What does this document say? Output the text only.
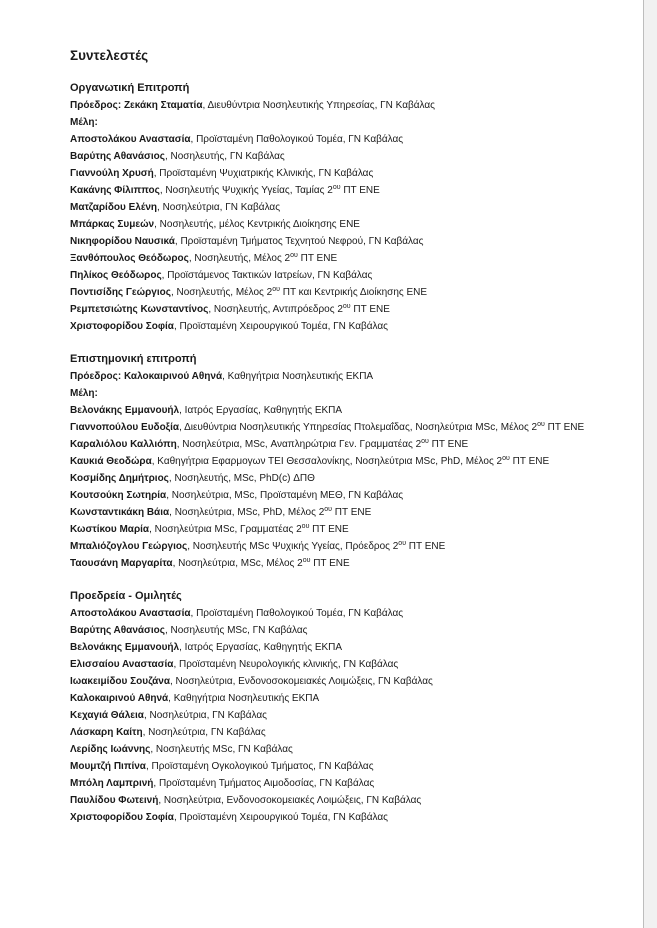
Συντελεστές
Οργανωτική Επιτροπή
Πρόεδρος: Ζεκάκη Σταματία, Διευθύντρια Νοσηλευτικής Υπηρεσίας, ΓΝ Καβάλας
Μέλη:
Αποστολάκου Αναστασία, Προϊσταμένη Παθολογικού Τομέα, ΓΝ Καβάλας
Βαρύτης Αθανάσιος, Νοσηλευτής, ΓΝ Καβάλας
Γιαννούλη Χρυσή, Προϊσταμένη Ψυχιατρικής Κλινικής, ΓΝ Καβάλας
Κακάνης Φίλιππος, Νοσηλευτής Ψυχικής Υγείας, Ταμίας $2^{o\upsilon}$ ΠΤ ΕΝΕ
Ματζαρίδου Ελένη, Νοσηλεύτρια, ΓΝ Καβάλας
Μπάρκας Συμεών, Νοσηλευτής, μέλος Κεντρικής Διοίκησης ΕΝΕ
Νικηφορίδου Ναυσικά, Προϊσταμένη Τμήματος Τεχνητού Νεφρού, ΓΝ Καβάλας
Ξανθόπουλος Θεόδωρος, Νοσηλευτής, Μέλος $2^{o\upsilon}$ ΠΤ ΕΝΕ
Πηλίκος Θεόδωρος, Προϊστάμενος Τακτικών Ιατρείων, ΓΝ Καβάλας
Ποντισίδης Γεώργιος, Νοσηλευτής, Μέλος $2^{o\upsilon}$ ΠΤ και Κεντρικής Διοίκησης ΕΝΕ
Ρεμπετσιώτης Κωνσταντίνος, Νοσηλευτής, Αντιπρόεδρος $2^{o\upsilon}$ ΠΤ ΕΝΕ
Χριστοφορίδου Σοφία, Προϊσταμένη Χειρουργικού Τομέα, ΓΝ Καβάλας
Επιστημονική επιτροπή
Πρόεδρος: Καλοκαιρινού Αθηνά, Καθηγήτρια Νοσηλευτικής ΕΚΠΑ
Μέλη:
Βελονάκης Εμμανουήλ, Ιατρός Εργασίας, Καθηγητής ΕΚΠΑ
Γιαννοπούλου Ευδοξία, Διευθύντρια Νοσηλευτικής Υπηρεσίας Πτολεμαΐδας, Νοσηλεύτρια MSc, Μέλος $2^{o\upsilon}$ ΠΤ ΕΝΕ
Καραλιόλου Καλλιόπη, Νοσηλεύτρια, MSc, Αναπληρώτρια Γεν. Γραμματέας $2^{o\upsilon}$ ΠΤ ΕΝΕ
Καυκιά Θεοδώρα, Καθηγήτρια Εφαρμογων ΤΕΙ Θεσσαλονίκης, Νοσηλεύτρια MSc, PhD, Μέλος $2^{o\upsilon}$ ΠΤ ΕΝΕ
Κοσμίδης Δημήτριος, Νοσηλευτής, MSc, PhD(c) ΔΠΘ
Κουτσούκη Σωτηρία, Νοσηλεύτρια, MSc, Προϊσταμένη ΜΕΘ, ΓΝ Καβάλας
Κωνσταντικάκη Βάια, Νοσηλεύτρια, MSc, PhD, Μέλος $2^{o\upsilon}$ ΠΤ ΕΝΕ
Κωστίκου Μαρία, Νοσηλεύτρια MSc, Γραμματέας $2^{o\upsilon}$ ΠΤ ΕΝΕ
Μπαλιόζογλου Γεώργιος, Νοσηλευτής MSc Ψυχικής Υγείας, Πρόεδρος $2^{o\upsilon}$ ΠΤ ΕΝΕ
Ταουσάνη Μαργαρίτα, Νοσηλεύτρια, MSc, Μέλος $2^{o\upsilon}$ ΠΤ ΕΝΕ
Προεδρεία - Ομιλητές
Αποστολάκου Αναστασία, Προϊσταμένη Παθολογικού Τομέα, ΓΝ Καβάλας
Βαρύτης Αθανάσιος, Νοσηλευτής MSc, ΓΝ Καβάλας
Βελονάκης Εμμανουήλ, Ιατρός Εργασίας, Καθηγητής ΕΚΠΑ
Ελισσαίου Αναστασία, Προϊσταμένη Νευρολογικής κλινικής, ΓΝ Καβάλας
Ιωακειμίδου Σουζάνα, Νοσηλεύτρια, Ενδονοσοκομειακές Λοιμώξεις, ΓΝ Καβάλας
Καλοκαιρινού Αθηνά, Καθηγήτρια Νοσηλευτικής ΕΚΠΑ
Κεχαγιά Θάλεια, Νοσηλεύτρια, ΓΝ Καβάλας
Λάσκαρη Καίτη, Νοσηλεύτρια, ΓΝ Καβάλας
Λερίδης Ιωάννης, Νοσηλευτής MSc, ΓΝ Καβάλας
Μουμτζή Πιπίνα, Προϊσταμένη Ογκολογικού Τμήματος, ΓΝ Καβάλας
Μπόλη Λαμπρινή, Προϊσταμένη Τμήματος Αιμοδοσίας, ΓΝ Καβάλας
Παυλίδου Φωτεινή, Νοσηλεύτρια, Ενδονοσοκομειακές Λοιμώξεις, ΓΝ Καβάλας
Χριστοφορίδου Σοφία, Προϊσταμένη Χειρουργικού Τομέα, ΓΝ Καβάλας
